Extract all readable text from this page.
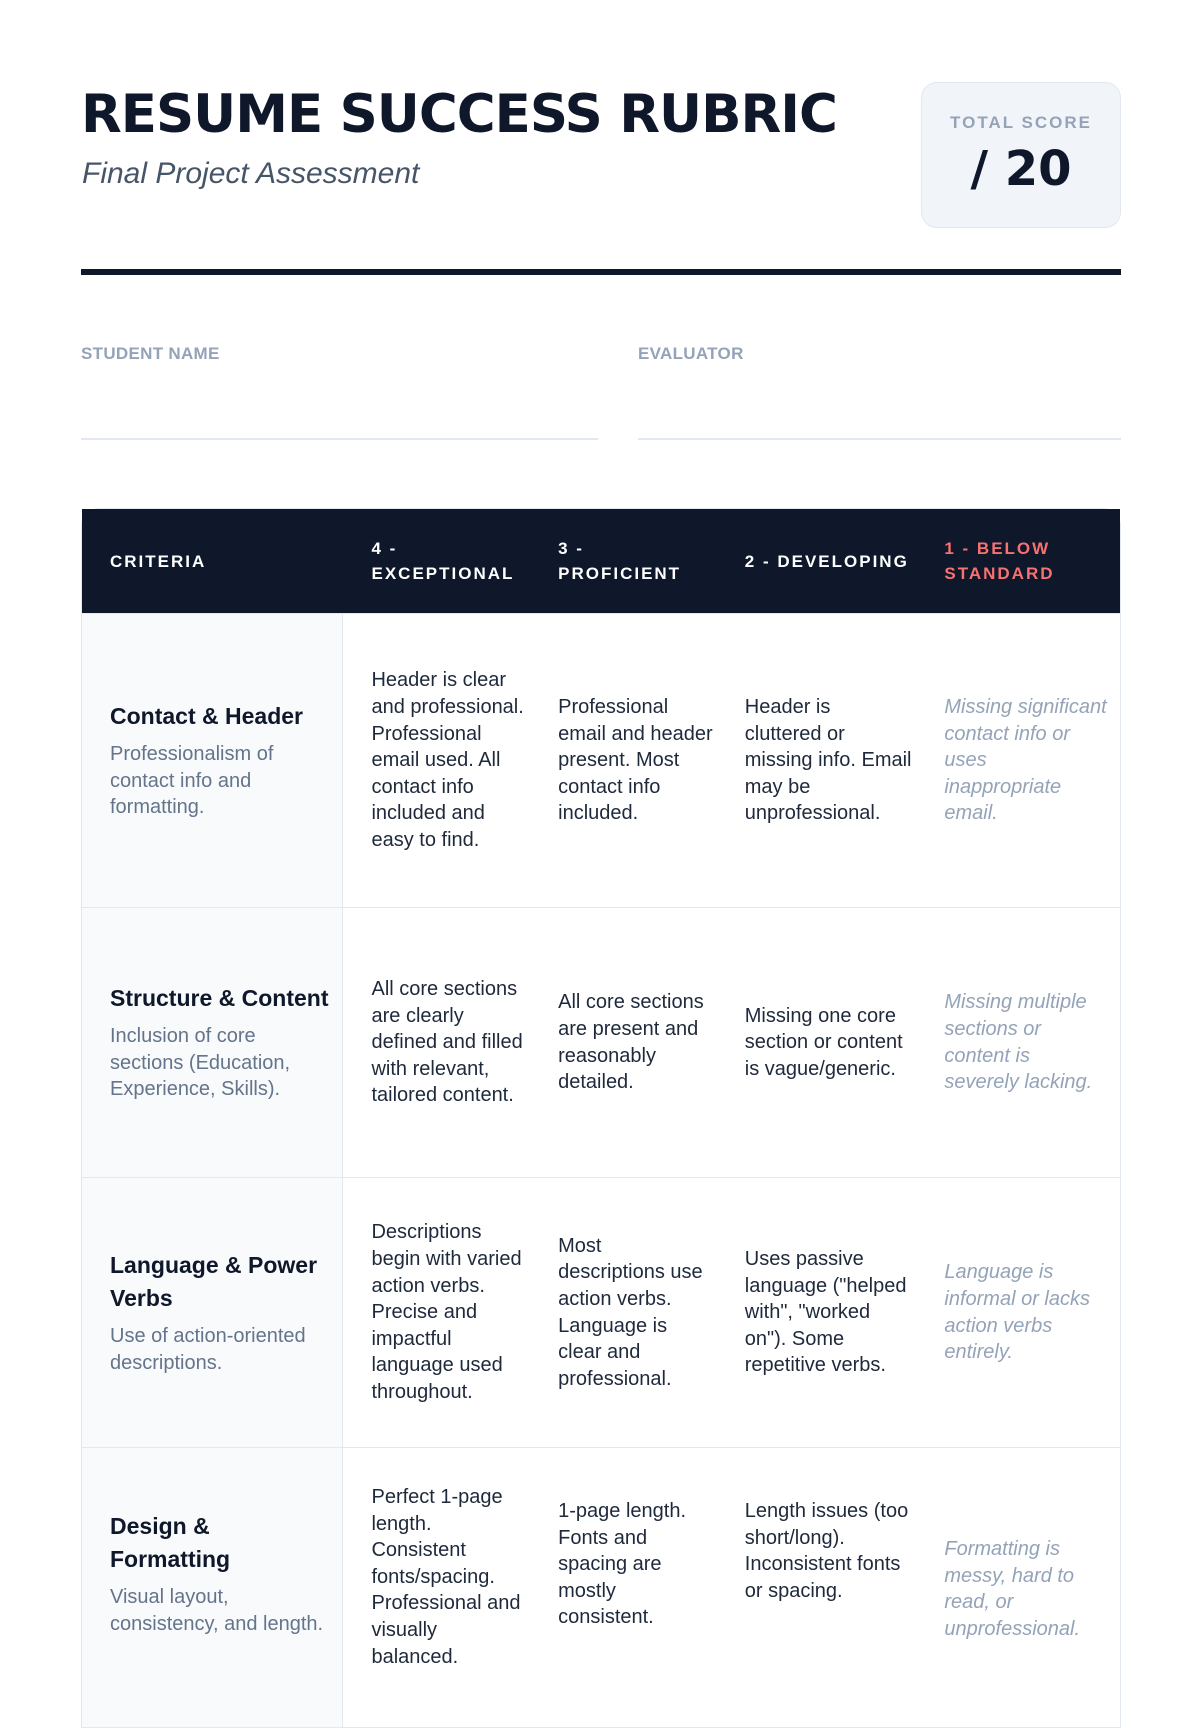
RESUME SUCCESS RUBRIC
Final Project Assessment
TOTAL SCORE
/ 20
STUDENT NAME	EVALUATOR
CRITERIA
4 - EXCEPTIONAL
3 - PROFICIENT
2 - DEVELOPING
1 - BELOW STANDARD
Contact & Header
Professionalism of contact info and formatting.
Header is clear and professional. Professional email used. All contact info included and easy to find.
Professional email and header present. Most contact info included.
Header is cluttered or missing info. Email may be unprofessional.
Missing significant contact info or uses inappropriate email.
Structure & Content
Inclusion of core sections (Education, Experience, Skills).
All core sections are clearly defined and filled with relevant, tailored content.
All core sections are present and reasonably detailed.
Missing one core section or content is vague/generic.
Missing multiple sections or content is severely lacking.
Language & Power Verbs
Use of action-oriented descriptions.
Descriptions begin with varied action verbs. Precise and impactful language used throughout.
Most descriptions use action verbs. Language is clear and professional.
Uses passive language ("helped with", "worked on"). Some repetitive verbs.
Language is informal or lacks action verbs entirely.
Design & Formatting
Visual layout, consistency, and length.
Perfect 1-page length. Consistent fonts/spacing. Professional and visually balanced.
1-page length. Fonts and spacing are mostly consistent.
Length issues (too short/long). Inconsistent fonts or spacing.
Formatting is messy, hard to read, or unprofessional.
